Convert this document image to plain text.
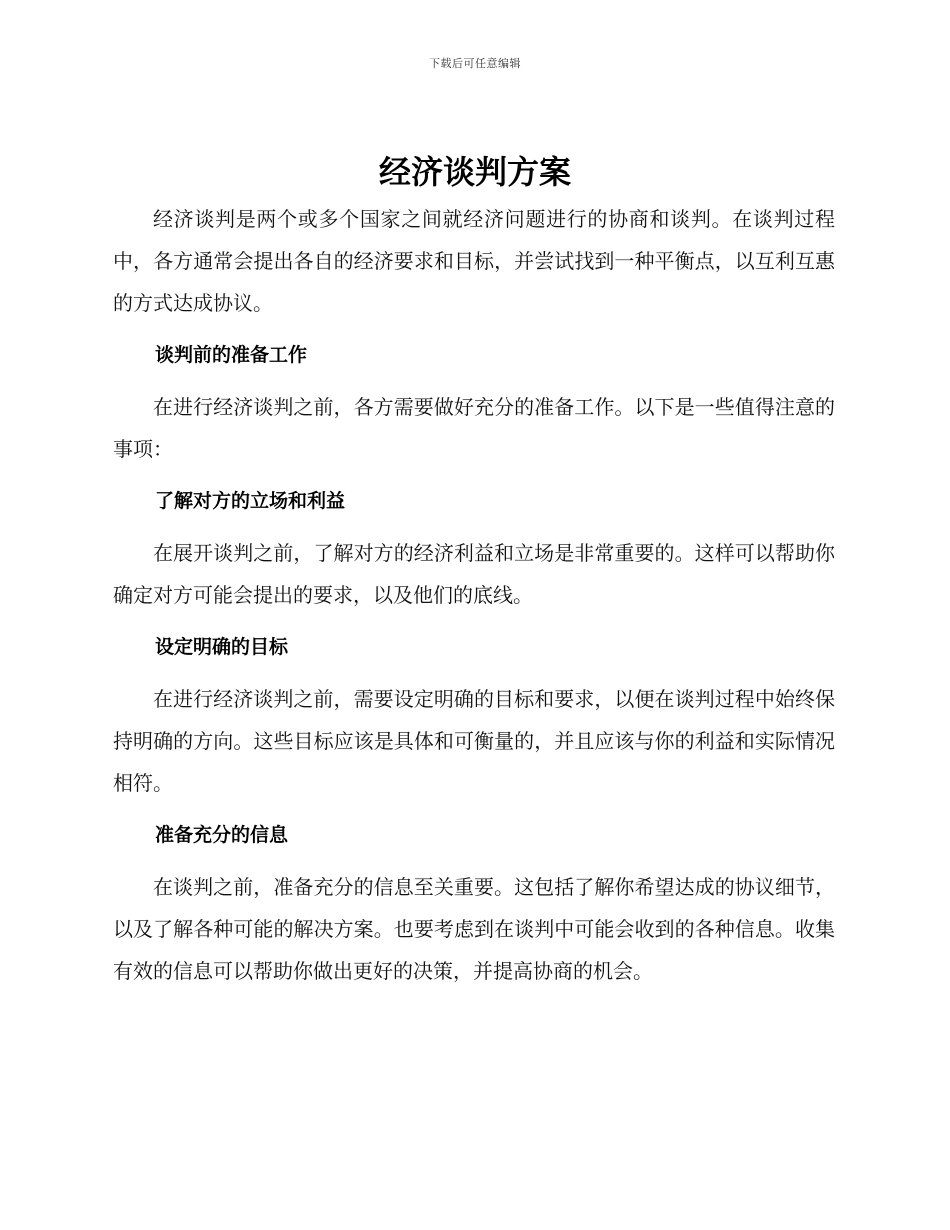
下载后可任意编辑
经济谈判方案

经济谈判是两个或多个国家之间就经济问题进行的协商和谈判。在谈判过程中，各方通常会提出各自的经济要求和目标，并尝试找到一种平衡点，以互利互惠的方式达成协议。

谈判前的准备工作

在进行经济谈判之前，各方需要做好充分的准备工作。以下是一些值得注意的事项：

了解对方的立场和利益

在展开谈判之前，了解对方的经济利益和立场是非常重要的。这样可以帮助你确定对方可能会提出的要求，以及他们的底线。

设定明确的目标

在进行经济谈判之前，需要设定明确的目标和要求，以便在谈判过程中始终保持明确的方向。这些目标应该是具体和可衡量的，并且应该与你的利益和实际情况相符。

准备充分的信息

在谈判之前，准备充分的信息至关重要。这包括了解你希望达成的协议细节，以及了解各种可能的解决方案。也要考虑到在谈判中可能会收到的各种信息。收集有效的信息可以帮助你做出更好的决策，并提高协商的机会。
